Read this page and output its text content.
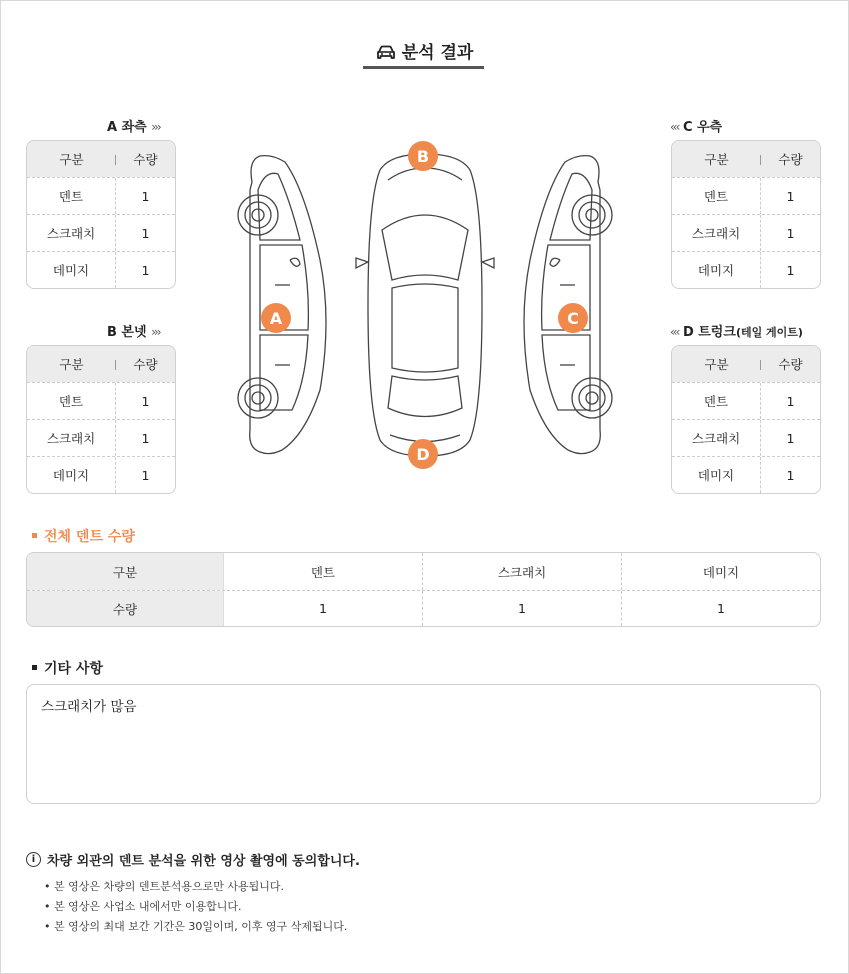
분석 결과
A 좌측 ›››
B 본넷 ›››
‹‹‹ C 우측
‹‹‹ D 트렁크(테일 게이트)
구분	수량
덴트	1
스크래치	1
데미지	1
구분	수량
덴트	1
스크래치	1
데미지	1
구분	수량
덴트	1
스크래치	1
데미지	1
구분	수량
덴트	1
스크래치	1
데미지	1
A
B
C
D
전체 덴트 수량
구분	덴트	스크래치	데미지
수량	1	1	1
기타 사항
스크래치가 많음
i 차량 외관의 덴트 분석을 위한 영상 촬영에 동의합니다.
• 본 영상은 차량의 덴트분석용으로만 사용됩니다.
• 본 영상은 사업소 내에서만 이용합니다.
• 본 영상의 최대 보간 기간은 30일이며, 이후 영구 삭제됩니다.
